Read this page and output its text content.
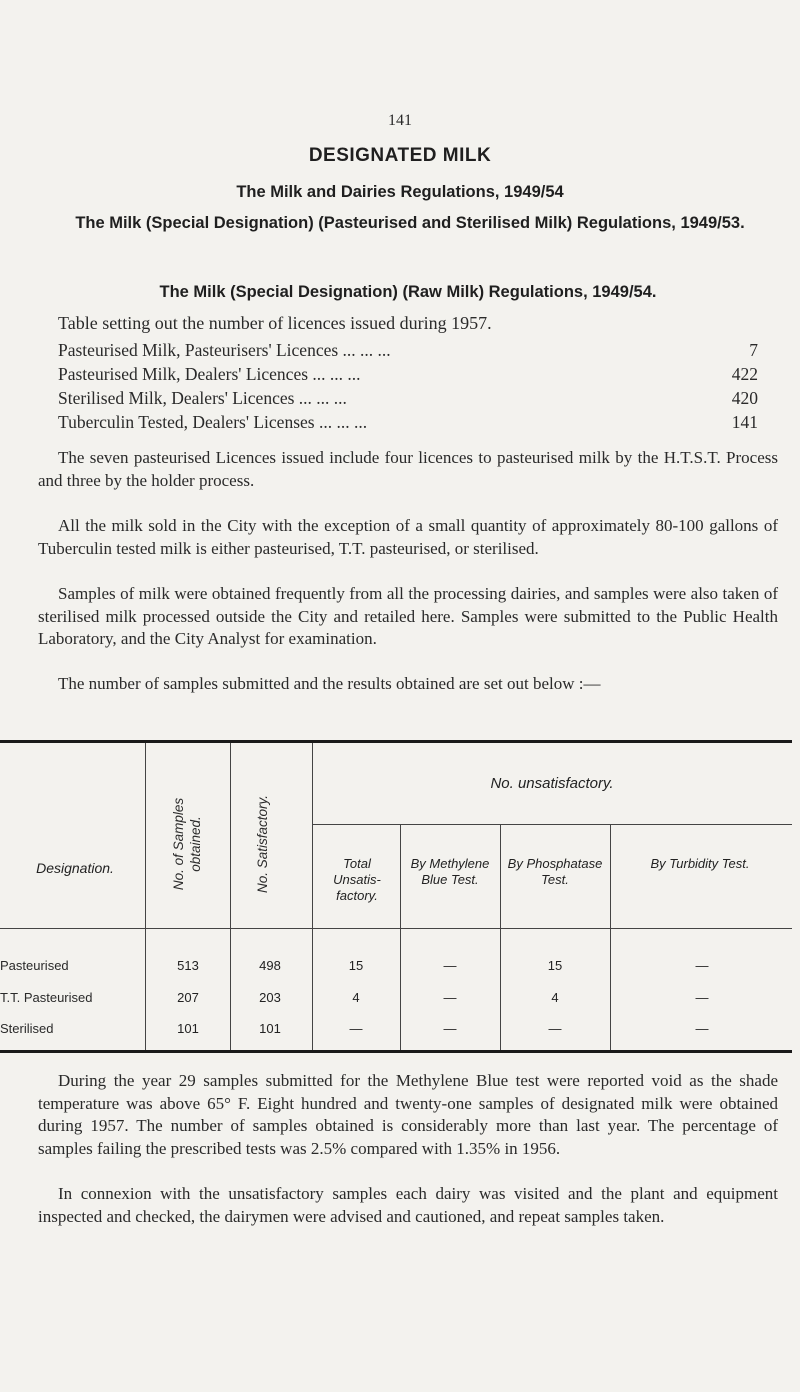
141
DESIGNATED MILK
The Milk and Dairies Regulations, 1949/54
The Milk (Special Designation) (Pasteurised and Sterilised Milk) Regulations, 1949/53.
The Milk (Special Designation) (Raw Milk) Regulations, 1949/54.
Table setting out the number of licences issued during 1957.
Pasteurised Milk, Pasteurisers' Licences ... ... ...	7
Pasteurised Milk, Dealers' Licences ... ... ...	422
Sterilised Milk, Dealers' Licences ... ... ...	420
Tuberculin Tested, Dealers' Licenses ... ... ...	141
The seven pasteurised Licences issued include four licences to pasteurised milk by the H.T.S.T. Process and three by the holder process.
All the milk sold in the City with the exception of a small quantity of approximately 80-100 gallons of Tuberculin tested milk is either pasteurised, T.T. pasteurised, or sterilised.
Samples of milk were obtained frequently from all the processing dairies, and samples were also taken of sterilised milk processed outside the City and retailed here. Samples were submitted to the Public Health Laboratory, and the City Analyst for examination.
The number of samples submitted and the results obtained are set out below :—
Designation.	No. of Samples obtained.	No. Satisfactory.
No. unsatisfactory.
Total Unsatis- factory.
By Methylene Blue Test.
By Phosphatase Test.
By Turbidity Test.
Pasteurised	513	498	15	—	15	—
T.T. Pasteurised	207	203	4	—	4	—
Sterilised	101	101	—	—	—	—
During the year 29 samples submitted for the Methylene Blue test were reported void as the shade temperature was above 65° F. Eight hundred and twenty-one samples of designated milk were obtained during 1957. The number of samples obtained is considerably more than last year. The percentage of samples failing the prescribed tests was 2.5% compared with 1.35% in 1956.
In connexion with the unsatisfactory samples each dairy was visited and the plant and equipment inspected and checked, the dairymen were advised and cautioned, and repeat samples taken.
